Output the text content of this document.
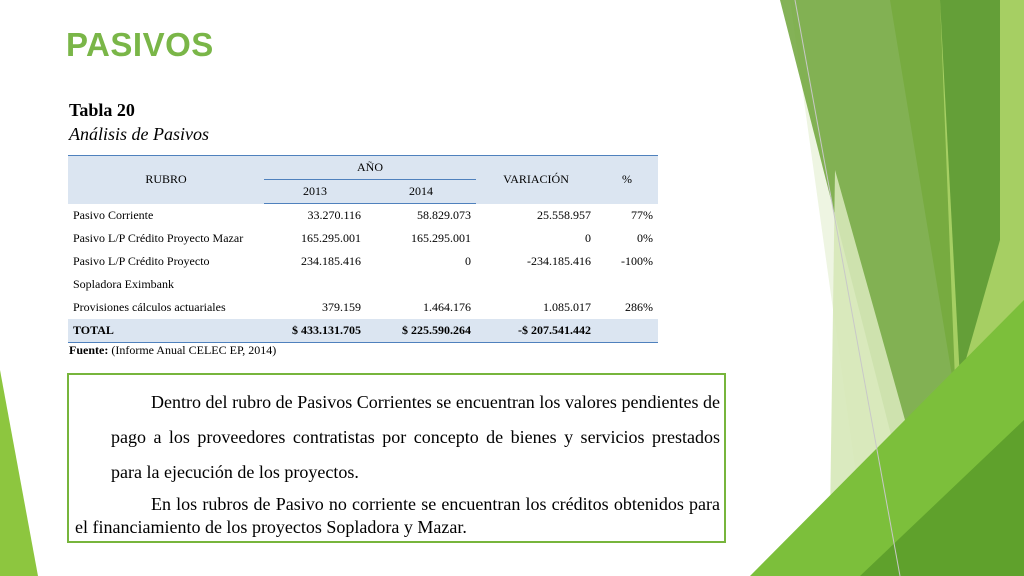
PASIVOS
Tabla 20
Análisis de Pasivos
RUBRO	AÑO		VARIACIÓN	%
	2013	2014		
Pasivo Corriente	33.270.116	58.829.073	25.558.957	77%
Pasivo L/P Crédito Proyecto Mazar	165.295.001	165.295.001	0	0%
Pasivo L/P Crédito Proyecto	234.185.416	0	-234.185.416	-100%
Sopladora Eximbank				
Provisiones cálculos actuariales	379.159	1.464.176	1.085.017	286%
TOTAL	$ 433.131.705	$ 225.590.264	-$ 207.541.442	
Fuente: (Informe Anual CELEC EP, 2014)

Dentro del rubro de Pasivos Corrientes se encuentran los valores pendientes de pago a los proveedores contratistas por concepto de bienes y servicios prestados para la ejecución de los proyectos.

En los rubros de Pasivo no corriente se encuentran los créditos obtenidos para el financiamiento de los proyectos Sopladora y Mazar.
